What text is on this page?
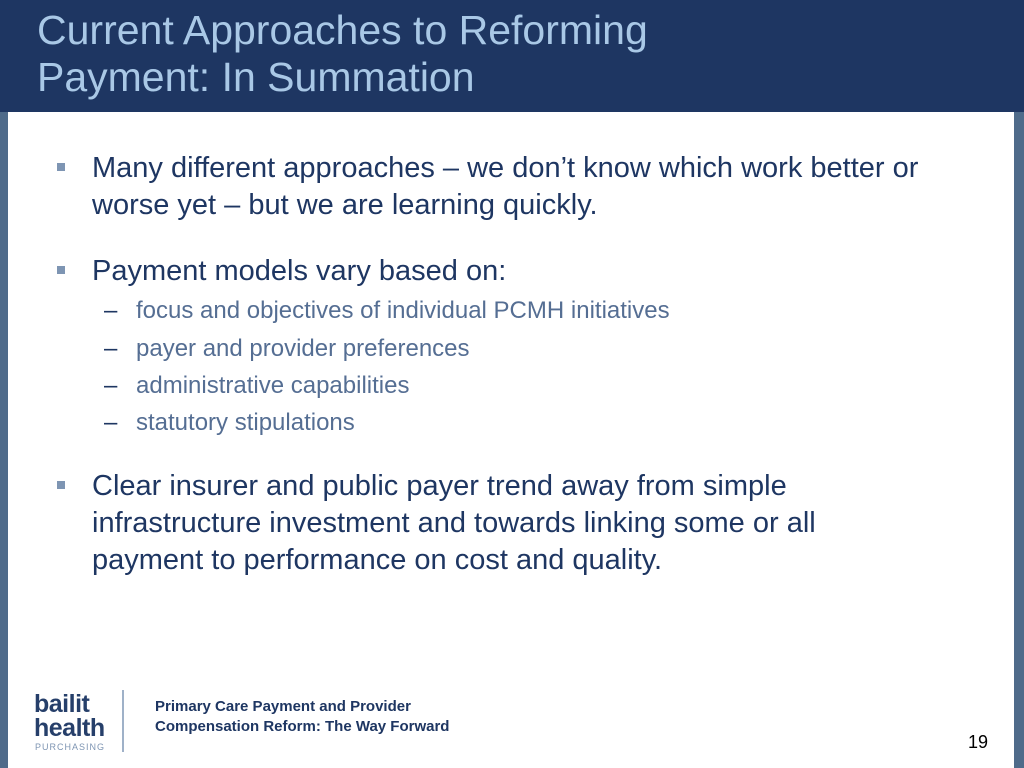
Current Approaches to Reforming Payment: In Summation
Many different approaches – we don’t know which work better or worse yet – but we are learning quickly.
Payment models vary based on:
– focus and objectives of individual PCMH initiatives
– payer and provider preferences
– administrative capabilities
– statutory stipulations
Clear insurer and public payer trend away from simple infrastructure investment and towards linking some or all payment to performance on cost and quality.
bailit
health
PURCHASING
Primary Care Payment and Provider Compensation Reform: The Way Forward
19
